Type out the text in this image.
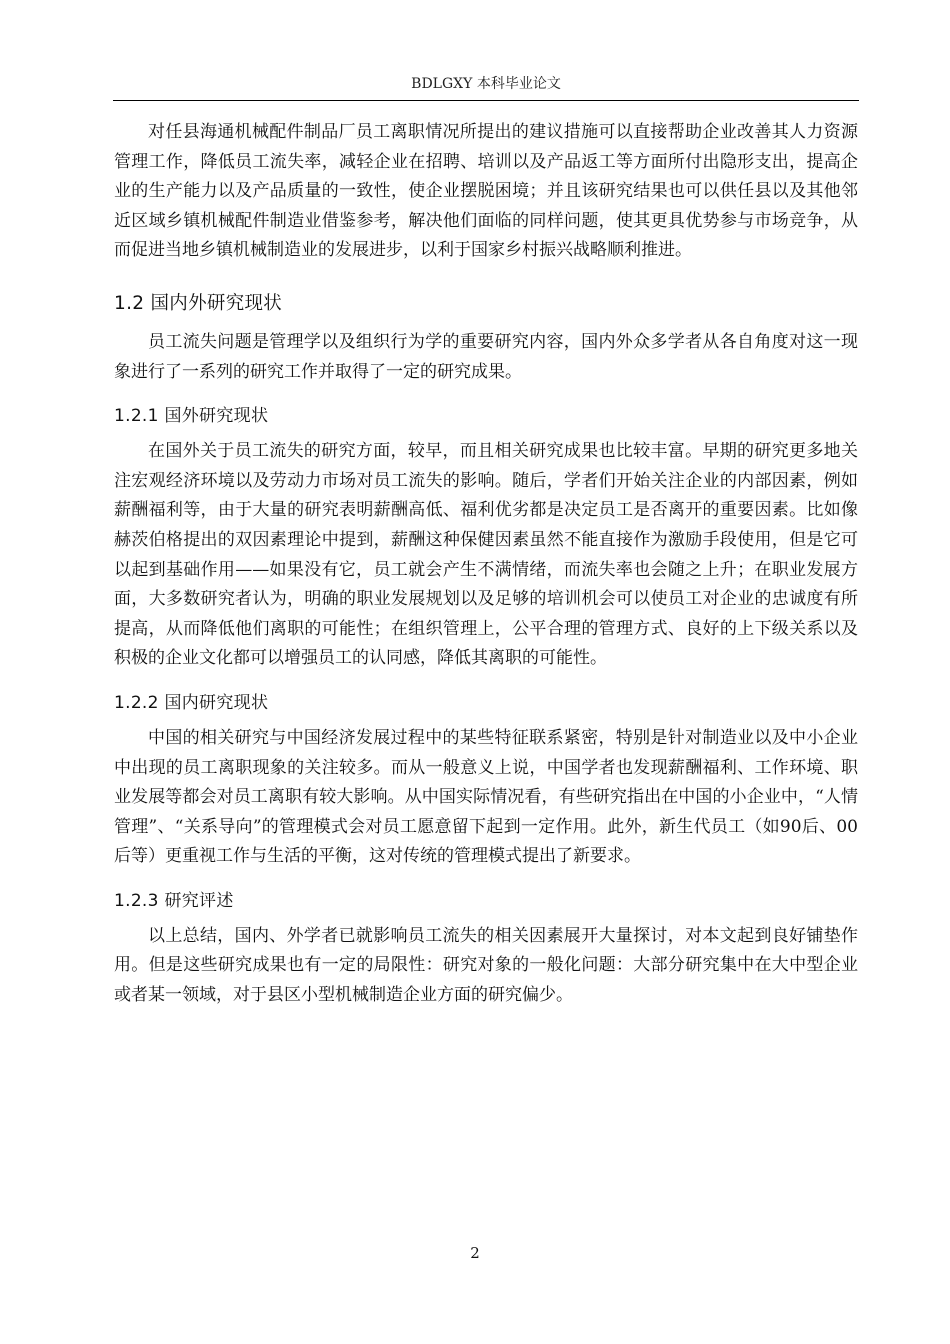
BDLGXY 本科毕业论文

对任县海通机械配件制品厂员工离职情况所提出的建议措施可以直接帮助企业改善其人力资源管理工作，降低员工流失率，减轻企业在招聘、培训以及产品返工等方面所付出隐形支出，提高企业的生产能力以及产品质量的一致性，使企业摆脱困境；并且该研究结果也可以供任县以及其他邻近区域乡镇机械配件制造业借鉴参考，解决他们面临的同样问题，使其更具优势参与市场竞争，从而促进当地乡镇机械制造业的发展进步，以利于国家乡村振兴战略顺利推进。

1.2 国内外研究现状

员工流失问题是管理学以及组织行为学的重要研究内容，国内外众多学者从各自角度对这一现象进行了一系列的研究工作并取得了一定的研究成果。

1.2.1 国外研究现状

在国外关于员工流失的研究方面，较早，而且相关研究成果也比较丰富。早期的研究更多地关注宏观经济环境以及劳动力市场对员工流失的影响。随后，学者们开始关注企业的内部因素，例如薪酬福利等，由于大量的研究表明薪酬高低、福利优劣都是决定员工是否离开的重要因素。比如像赫茨伯格提出的双因素理论中提到，薪酬这种保健因素虽然不能直接作为激励手段使用，但是它可以起到基础作用——如果没有它，员工就会产生不满情绪，而流失率也会随之上升；在职业发展方面，大多数研究者认为，明确的职业发展规划以及足够的培训机会可以使员工对企业的忠诚度有所提高，从而降低他们离职的可能性；在组织管理上，公平合理的管理方式、良好的上下级关系以及积极的企业文化都可以增强员工的认同感，降低其离职的可能性。

1.2.2 国内研究现状

中国的相关研究与中国经济发展过程中的某些特征联系紧密，特别是针对制造业以及中小企业中出现的员工离职现象的关注较多。而从一般意义上说，中国学者也发现薪酬福利、工作环境、职业发展等都会对员工离职有较大影响。从中国实际情况看，有些研究指出在中国的小企业中，“人情管理”、“关系导向”的管理模式会对员工愿意留下起到一定作用。此外，新生代员工（如90后、00后等）更重视工作与生活的平衡，这对传统的管理模式提出了新要求。

1.2.3 研究评述

以上总结，国内、外学者已就影响员工流失的相关因素展开大量探讨，对本文起到良好铺垫作用。但是这些研究成果也有一定的局限性：研究对象的一般化问题：大部分研究集中在大中型企业或者某一领域，对于县区小型机械制造企业方面的研究偏少。

2
